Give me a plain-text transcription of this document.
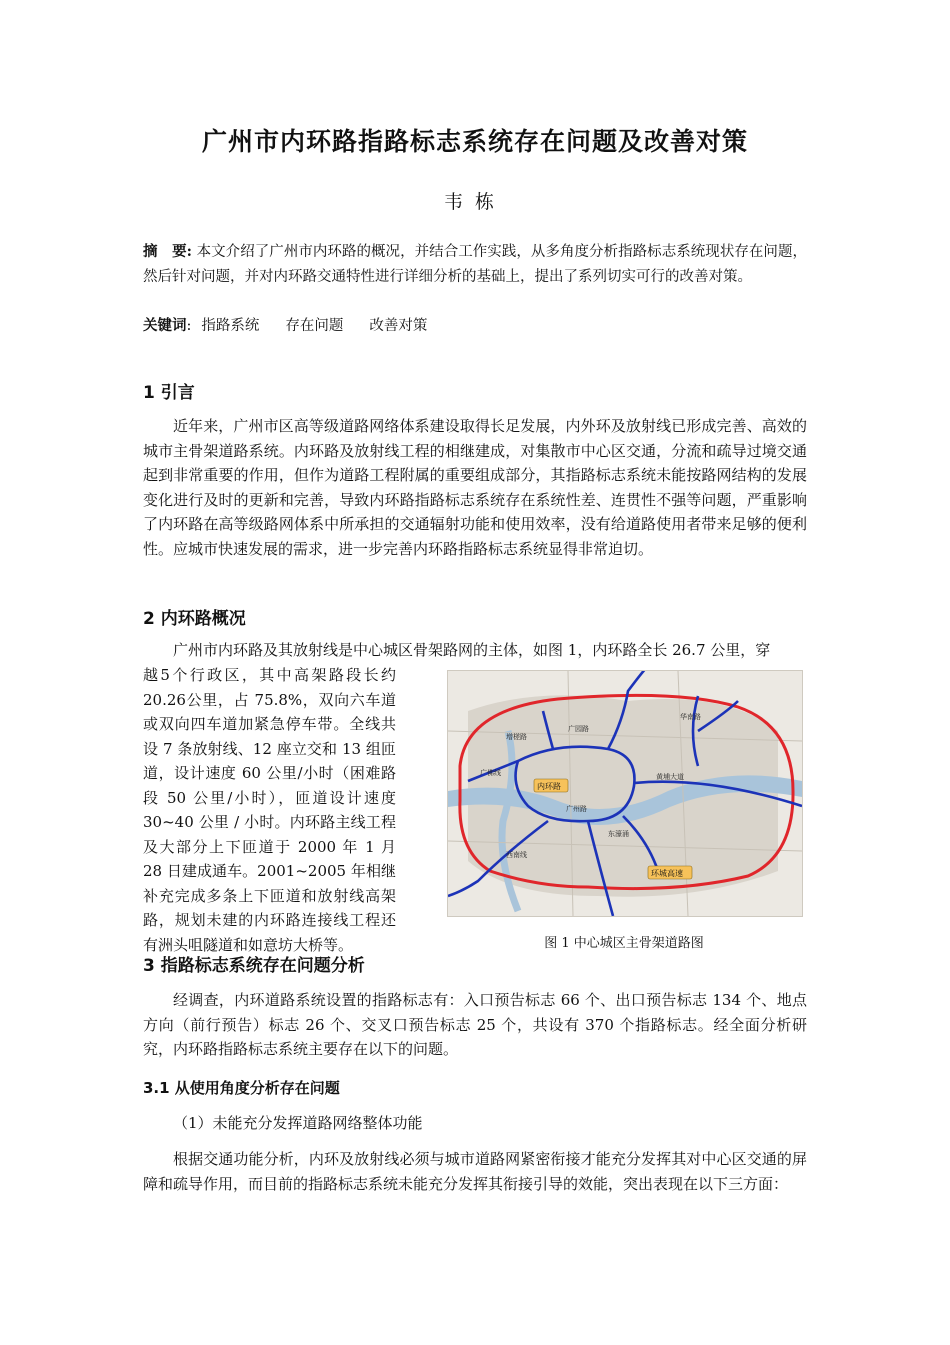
广州市内环路指路标志系统存在问题及改善对策
韦栋

摘　要: 本文介绍了广州市内环路的概况，并结合工作实践，从多角度分析指路标志系统现状存在问题，然后针对问题，并对内环路交通特性进行详细分析的基础上，提出了系列切实可行的改善对策。

关键词: 指路系统 存在问题 改善对策

1 引言

近年来，广州市区高等级道路网络体系建设取得长足发展，内外环及放射线已形成完善、高效的城市主骨架道路系统。内环路及放射线工程的相继建成，对集散市中心区交通，分流和疏导过境交通起到非常重要的作用，但作为道路工程附属的重要组成部分，其指路标志系统未能按路网结构的发展变化进行及时的更新和完善，导致内环路指路标志系统存在系统性差、连贯性不强等问题，严重影响了内环路在高等级路网体系中所承担的交通辐射功能和使用效率，没有给道路使用者带来足够的便利性。应城市快速发展的需求，进一步完善内环路指路标志系统显得非常迫切。

2 内环路概况

广州市内环路及其放射线是中心城区骨架路网的主体，如图 1，内环路全长 26.7 公里，穿

越5个行政区，其中高架路段长约20.26公里，占 75.8%，双向六车道或双向四车道加紧急停车带。全线共设 7 条放射线、12 座立交和 13 组匝道，设计速度 60 公里/小时（困难路段 50 公里/小时），匝道设计速度 30~40 公里 / 小时。内环路主线工程及大部分上下匝道于 2000 年 1 月 28 日建成通车。2001~2005 年相继补充完成多条上下匝道和放射线高架路，规划未建的内环路连接线工程还有洲头咀隧道和如意坊大桥等。

广园路
黄埔大道
东濠涌
西南线
增槎路
华南路
广佛线
广州路
内环路
环城高速
图 1 中心城区主骨架道路图
3 指路标志系统存在问题分析

经调查，内环道路系统设置的指路标志有：入口预告标志 66 个、出口预告标志 134 个、地点方向（前行预告）标志 26 个、交叉口预告标志 25 个，共设有 370 个指路标志。经全面分析研究，内环路指路标志系统主要存在以下的问题。

3.1 从使用角度分析存在问题

（1）未能充分发挥道路网络整体功能

根据交通功能分析，内环及放射线必须与城市道路网紧密衔接才能充分发挥其对中心区交通的屏障和疏导作用，而目前的指路标志系统未能充分发挥其衔接引导的效能，突出表现在以下三方面：
